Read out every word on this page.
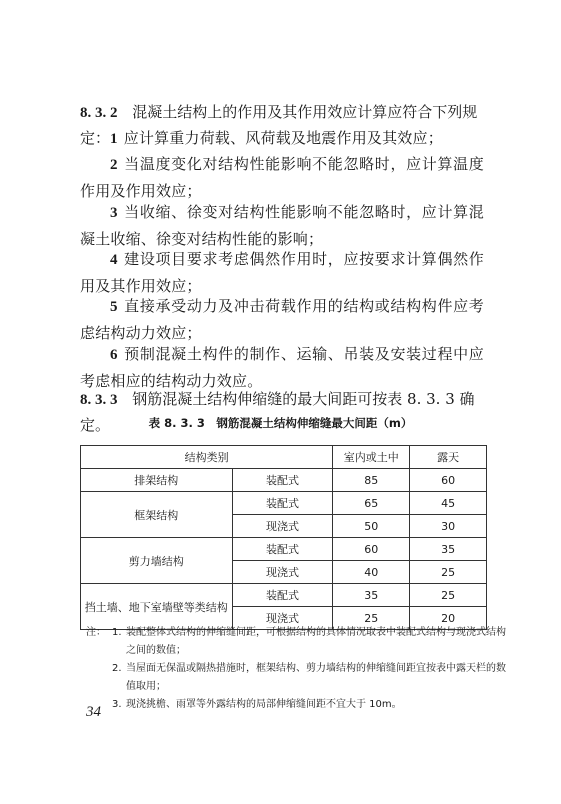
8. 3. 2 混凝土结构上的作用及其作用效应计算应符合下列规定： 1 应计算重力荷载、风荷载及地震作用及其效应；
2 当温度变化对结构性能影响不能忽略时，应计算温度作用及作用效应；
3 当收缩、徐变对结构性能影响不能忽略时，应计算混凝土收缩、徐变对结构性能的影响；
4 建设项目要求考虑偶然作用时，应按要求计算偶然作用及其作用效应；
5 直接承受动力及冲击荷载作用的结构或结构构件应考虑结构动力效应；
6 预制混凝土构件的制作、运输、吊装及安装过程中应考虑相应的结构动力效应。
8. 3. 3 钢筋混凝土结构伸缩缝的最大间距可按表 8. 3. 3 确定。	表 8. 3. 3　钢筋混凝土结构伸缩缝最大间距（m）
结构类别		室内或土中	露天
排架结构	装配式	85	60
框架结构	装配式	65	45
	现浇式	50	30
剪力墙结构	装配式	60	35
	现浇式	40	25
挡土墙、地下室墙壁等类结构	装配式	35	25
	现浇式	25	20
注： 1. 装配整体式结构的伸缩缝间距，可根据结构的具体情况取表中装配式结构与现浇式结构之间的数值；
2. 当屋面无保温或隔热措施时，框架结构、剪力墙结构的伸缩缝间距宜按表中露天栏的数值取用；
3. 现浇挑檐、雨罩等外露结构的局部伸缩缝间距不宜大于 10m。
34
